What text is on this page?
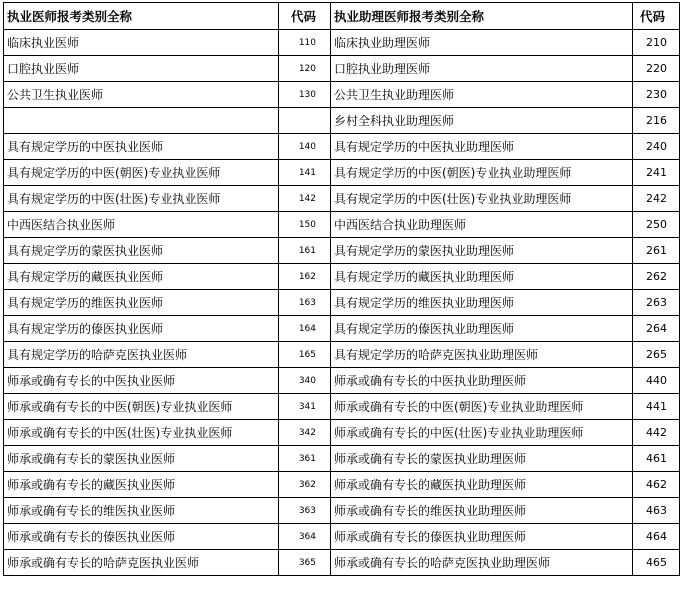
执业医师报考类别全称	代码	执业助理医师报考类别全称	代码
临床执业医师	110	临床执业助理医师	210
口腔执业医师	120	口腔执业助理医师	220
公共卫生执业医师	130	公共卫生执业助理医师	230
		乡村全科执业助理医师	216
具有规定学历的中医执业医师	140	具有规定学历的中医执业助理医师	240
具有规定学历的中医(朝医)专业执业医师	141	具有规定学历的中医(朝医)专业执业助理医师	241
具有规定学历的中医(壮医)专业执业医师	142	具有规定学历的中医(壮医)专业执业助理医师	242
中西医结合执业医师	150	中西医结合执业助理医师	250
具有规定学历的蒙医执业医师	161	具有规定学历的蒙医执业助理医师	261
具有规定学历的藏医执业医师	162	具有规定学历的藏医执业助理医师	262
具有规定学历的维医执业医师	163	具有规定学历的维医执业助理医师	263
具有规定学历的傣医执业医师	164	具有规定学历的傣医执业助理医师	264
具有规定学历的哈萨克医执业医师	165	具有规定学历的哈萨克医执业助理医师	265
师承或确有专长的中医执业医师	340	师承或确有专长的中医执业助理医师	440
师承或确有专长的中医(朝医)专业执业医师	341	师承或确有专长的中医(朝医)专业执业助理医师	441
师承或确有专长的中医(壮医)专业执业医师	342	师承或确有专长的中医(壮医)专业执业助理医师	442
师承或确有专长的蒙医执业医师	361	师承或确有专长的蒙医执业助理医师	461
师承或确有专长的藏医执业医师	362	师承或确有专长的藏医执业助理医师	462
师承或确有专长的维医执业医师	363	师承或确有专长的维医执业助理医师	463
师承或确有专长的傣医执业医师	364	师承或确有专长的傣医执业助理医师	464
师承或确有专长的哈萨克医执业医师	365	师承或确有专长的哈萨克医执业助理医师	465
